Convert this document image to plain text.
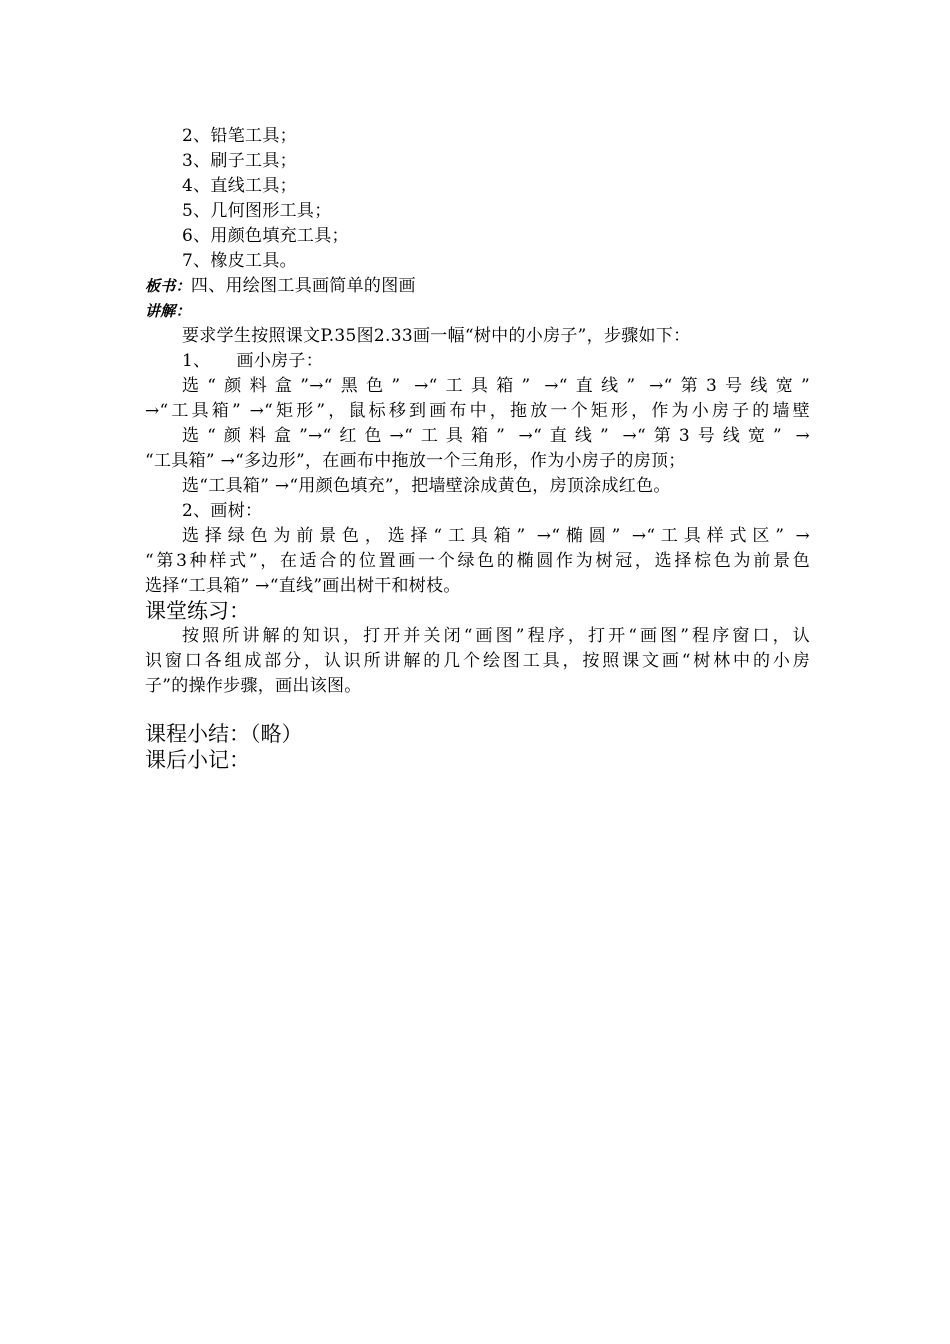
2、铅笔工具；
3、刷子工具；
4、直线工具；
5、几何图形工具；
6、用颜色填充工具；
7、橡皮工具。
板书：四、用绘图工具画简单的图画
讲解：
要求学生按照课文P.35图2.33画一幅“树中的小房子”，步骤如下：
1、　　画小房子：
选“颜料盒”→“黑色” →“工具箱” →“直线” →“第3号线宽”
→“工具箱” →“矩形”，鼠标移到画布中，拖放一个矩形，作为小房子的墙壁
选“颜料盒”→“红色→“工具箱” →“直线” →“第3号线宽” →
“工具箱” →“多边形”，在画布中拖放一个三角形，作为小房子的房顶；
选“工具箱” →“用颜色填充”，把墙壁涂成黄色，房顶涂成红色。
2、画树：
选择绿色为前景色，选择“工具箱” →“椭圆” →“工具样式区” →
“第3种样式”，在适合的位置画一个绿色的椭圆作为树冠，选择棕色为前景色
选择“工具箱” →“直线”画出树干和树枝。
课堂练习：
按照所讲解的知识，打开并关闭“画图”程序，打开“画图”程序窗口，认
识窗口各组成部分，认识所讲解的几个绘图工具，按照课文画“树林中的小房
子”的操作步骤，画出该图。
课程小结：（略）
课后小记：
